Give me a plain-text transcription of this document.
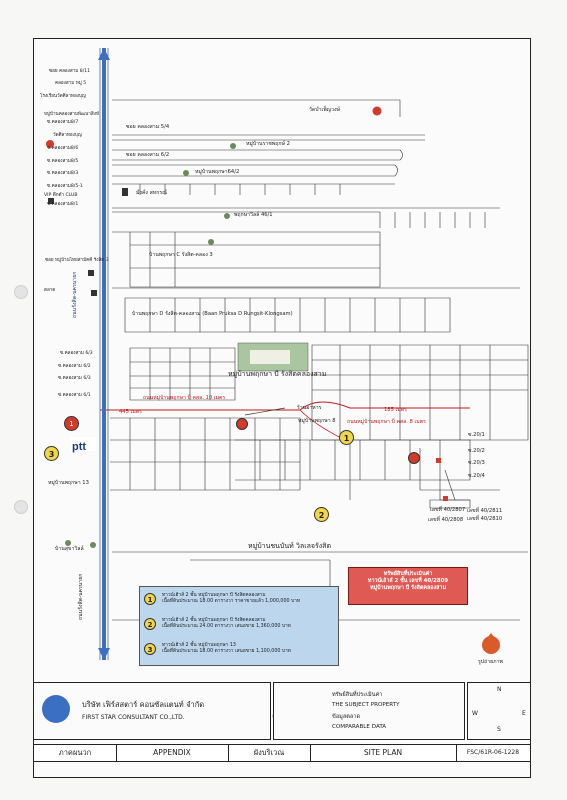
ptt
ถนนรังสิต-นครนายก
ถนนรังสิต-นครนายก
1
1
2
3
ทรัพย์สินที่ประเมินค่า
ทาวน์เฮ้าส์ 2 ชั้น เลขที่ 40/2809
หมู่บ้านพฤกษา บี รังสิตคลองสาม
1
ทาวน์เฮ้าส์ 2 ชั้น หมู่บ้านพฤกษา บี รังสิตคลองสาม
เนื้อที่ดินประมาณ 18.00 ตารางวา ราคาขายแล้ว 1,000,000 บาท
2
ทาวน์เฮ้าส์ 2 ชั้น หมู่บ้านพฤกษา บี รังสิตคลองสาม
เนื้อที่ดินประมาณ 24.00 ตารางวา เสนอขาย 1,360,000 บาท
3
ทาวน์เฮ้าส์ 2 ชั้น หมู่บ้านพฤกษา 13
เนื้อที่ดินประมาณ 18.00 ตารางวา เสนอขาย 1,100,000 บาท
รูปถ่ายภาพ
บริษัท เฟิร์สสตาร์ คอนซัลแตนท์ จำกัด
FIRST STAR CONSULTANT CO.,LTD.
ทรัพย์สินที่ประเมินค่า
THE SUBJECT PROPERTY
ข้อมูลตลาด
COMPARABLE DATA
N
S
W	E
ภาคผนวก	APPENDIX	ผังบริเวณ	SITE PLAN	FSC/61R-06-1228
ซอย คลองสาม 8/11
คลองสาม หมู่ 5
โรงเรียนวัดศิลาทองบุญ
หมู่บ้านคลองสามพัฒนาสิงห์
ซ.คลองสาม8/7
วัดศิลาทองบุญ
ซ.คลองสาม8/6
ซ.คลองสาม8/5
ซ.คลองสาม8/3
ซ.คลองสาม8/5-1
VIP ตึกดำ CLUB
ซ.คลองสาม8/1
ซอย หมู่บ้านไทยสามัคคี รังสิต 3
ตลาด
ซ.คลองสาม 6/3
ซ.คลองสาม 6/2
ซ.คลองสาม 6/3
ซ.คลองสาม 6/1
วัดบำเพ็ญวงษ์
ซอย คลองสาม 5/4
หมู่บ้านราชพฤกษ์ 2
ซอย คลองสาม 6/2
หมู่บ้านพฤกษา64/2
มั่งคั่ง สหกรณ์
พฤกษาวิลล์ 46/1
บ้านพฤกษา C รังสิต-คลอง 3
บ้านพฤกษา D รังสิต-คลองสาม (Baan Pruksa D Rungsit-Klongsam)
ร้านอาหาร
หมู่บ้านพฤกษา 8
ซ.20/1
ซ.20/2
ซ.20/3
ซ.20/4
หมู่บ้านพฤกษา 13
บ้านสุขาวิลล์
เลขที่ 40/2807
เลขที่ 40/2808
เลขที่ 40/2811
เลขที่ 40/2810
หมู่บ้านพฤกษา บี รังสิตคลองสาม
หมู่บ้านชนบันท์ วิลเลจรังสิต
ถนนหมู่บ้านพฤกษา บี คสล. 10 เมตร
ถนนหมู่บ้านพฤกษา บี คสล. 8 เมตร
185 เมตร
445 เมตร
